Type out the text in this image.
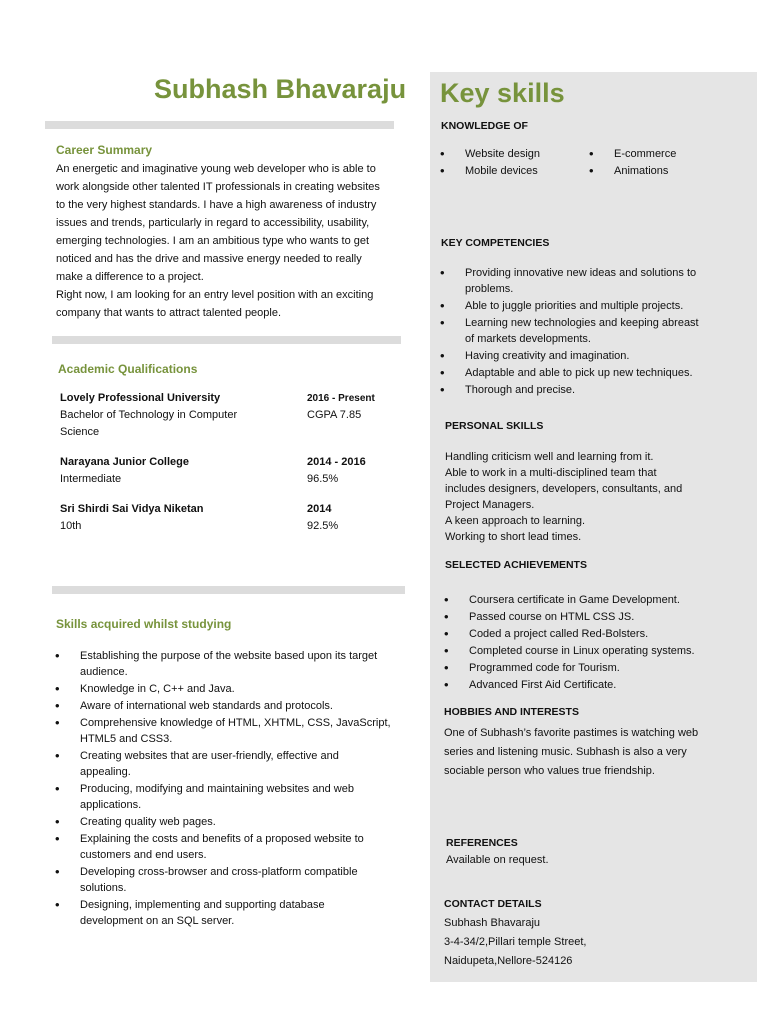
Subhash Bhavaraju
Career Summary
An energetic and imaginative young web developer who is able to
work alongside other talented IT professionals in creating websites
to the very highest standards. I have a high awareness of industry
issues and trends, particularly in regard to accessibility, usability,
emerging technologies. I am an ambitious type who wants to get
noticed and has the drive and massive energy needed to really
make a difference to a project.
Right now, I am looking for an entry level position with an exciting
company that wants to attract talented people.
Academic Qualifications
Lovely Professional University
Bachelor of Technology in Computer
Science
2016 - Present
CGPA 7.85
Narayana Junior College
Intermediate
2014 - 2016
96.5%
Sri Shirdi Sai Vidya Niketan
10th
2014
92.5%
Skills acquired whilst studying
• Establishing the purpose of the website based upon its target
audience.
• Knowledge in C, C++ and Java.
• Aware of international web standards and protocols.
• Comprehensive knowledge of HTML, XHTML, CSS, JavaScript,
HTML5 and CSS3.
• Creating websites that are user-friendly, effective and
appealing.
• Producing, modifying and maintaining websites and web
applications.
• Creating quality web pages.
• Explaining the costs and benefits of a proposed website to
customers and end users.
• Developing cross-browser and cross-platform compatible
solutions.
• Designing, implementing and supporting database
development on an SQL server.
Key skills
KNOWLEDGE OF
• Website design
• Mobile devices
• E-commerce
• Animations
KEY COMPETENCIES
• Providing innovative new ideas and solutions to
problems.
• Able to juggle priorities and multiple projects.
• Learning new technologies and keeping abreast
of markets developments.
• Having creativity and imagination.
• Adaptable and able to pick up new techniques.
• Thorough and precise.
PERSONAL SKILLS
Handling criticism well and learning from it.
Able to work in a multi-disciplined team that
includes designers, developers, consultants, and
Project Managers.
A keen approach to learning.
Working to short lead times.
SELECTED ACHIEVEMENTS
• Coursera certificate in Game Development.
• Passed course on HTML CSS JS.
• Coded a project called Red-Bolsters.
• Completed course in Linux operating systems.
• Programmed code for Tourism.
• Advanced First Aid Certificate.
HOBBIES AND INTERESTS
One of Subhash’s favorite pastimes is watching web
series and listening music. Subhash is also a very
sociable person who values true friendship.
REFERENCES
Available on request.
CONTACT DETAILS
Subhash Bhavaraju
3-4-34/2,Pillari temple Street,
Naidupeta,Nellore-524126
